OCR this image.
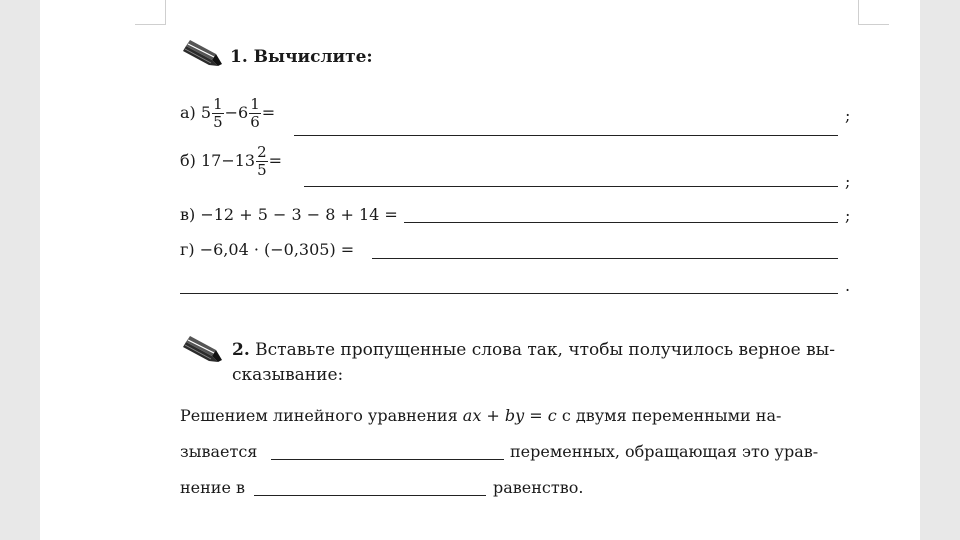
1. Вычислите:
а) $5 \frac{1}{5} -6 \frac{1}{6}$ =	;
б) $17-13 \frac{2}{5}$ =
;
в) −12 + 5 − 3 − 8 + 14 =	;
г) −6,04 · (−0,305) =
.
2. Вставьте пропущенные слова так, чтобы получилось верное вы-
сказывание:
Решением линейного уравнения ax + by = c с двумя переменными на-
зывается	переменных, обращающая это урав-
нение в	равенство.
